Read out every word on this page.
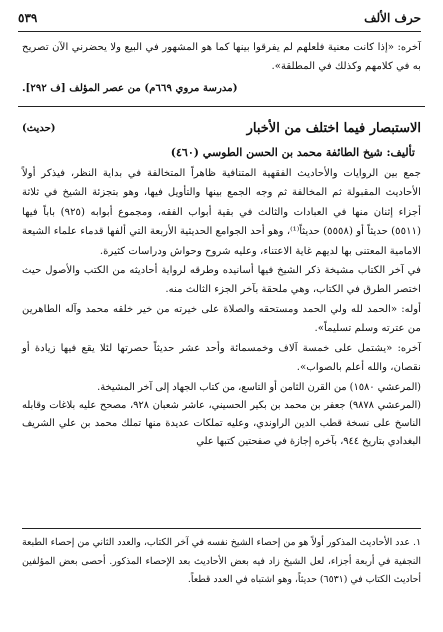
حرف الألف
٥٣٩

آخره: «إذا كانت معنية فلعلهم لم يفرقوا بينها كما هو المشهور في البيع ولا يحضرني الآن تصريح به في كلامهم وكذلك في المطلقة».

(مدرسة مروي ٦٦٩م) من عصر المؤلف [ف ٢٩٢].

الاستبصار فيما اختلف من الأخبار
(حديث)

تأليف: شيخ الطائفة محمد بن الحسن الطوسي (٤٦٠)

جمع بين الروايات والأحاديث الفقهية المتنافية ظاهراً المتخالفة في بداية النظر، فيذكر أولاً الأحاديث المقبولة ثم المخالفة ثم وجه الجمع بينها والتأويل فيها، وهو بتجزئة الشيخ في ثلاثة أجزاء إثنان منها في العبادات والثالث في بقية أبواب الفقه، ومجموع أبوابه (٩٢٥) باباً فيها (٥٥١١) حديثاً أو (٥٥٥٨) حديثاً⁽¹⁾، وهو أحد الجوامع الحديثية الأربعة التي ألفها قدماء علماء الشيعة الامامية المعتنى بها لديهم غاية الاعتناء، وعليه شروح وحواش ودراسات كثيرة.

في آخر الكتاب مشيخة ذكر الشيخ فيها أسانيده وطرقه لرواية أحاديثه من الكتب والأصول حيث اختصر الطرق في الكتاب، وهي ملحقة بآخر الجزء الثالث منه.

أوله: «الحمد لله ولي الحمد ومستحقه والصلاة على خيرته من خير خلقه محمد وآله الطاهرين من عترته وسلم تسليماً».

آخره: «يشتمل على خمسة آلاف وخمسمائة وأحد عشر حديثاً حصرتها لئلا يقع فيها زيادة أو نقصان، والله أعلم بالصواب».

(المرعشي ١٥٨٠) من القرن الثامن أو التاسع، من كتاب الجهاد إلى آخر المشيخة.

(المرعشي ٩٨٧٨) جعفر بن محمد بن بكير الحسيني، عاشر شعبان ٩٢٨، مصحح عليه بلاغات وقابله الناسخ على نسخة قطب الدين الراوندي، وعليه تملكات عديدة منها تملك محمد بن علي الشريف البغدادي بتاريخ ٩٤٤، بآخره إجازة في صفحتين كتبها علي

١. عدد الأحاديث المذكور أولاً هو من إحصاء الشيخ نفسه في آخر الكتاب، والعدد الثاني من إحصاء الطبعة النجفية في أربعة أجزاء، لعل الشيخ زاد فيه بعض الأحاديث بعد الإحصاء المذكور. أحصى بعض المؤلفين أحاديث الكتاب في (٦٥٣١) حديثاً، وهو اشتباه في العدد قطعاً.
